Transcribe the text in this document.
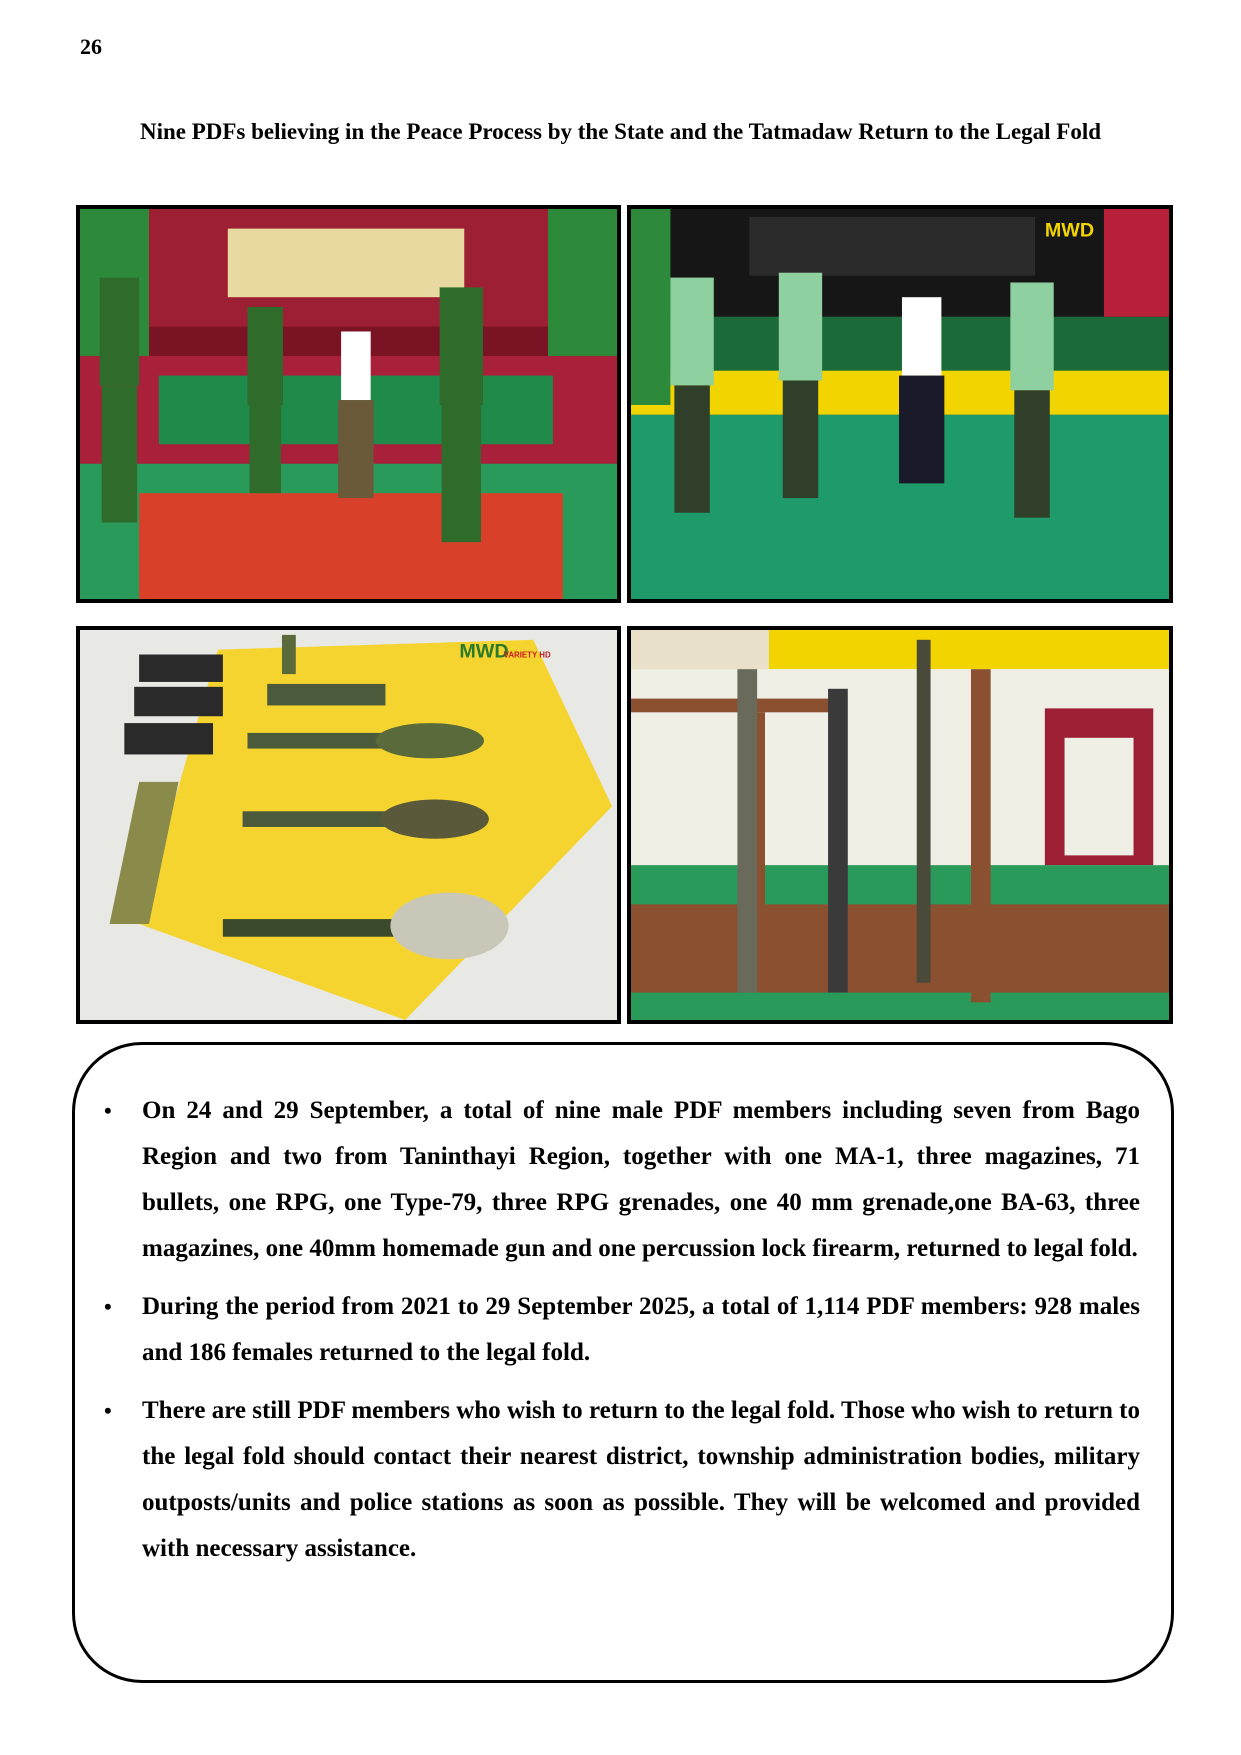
26
Nine PDFs believing in the Peace Process by the State and the Tatmadaw Return to the Legal Fold
MWD
MWD
VARIETY HD
• On 24 and 29 September, a total of nine male PDF members including seven from Bago Region and two from Taninthayi Region, together with one MA-1, three magazines, 71 bullets, one RPG, one Type-79, three RPG grenades, one 40 mm grenade,one BA-63, three magazines, one 40mm homemade gun and one percussion lock firearm, returned to legal fold.
• During the period from 2021 to 29 September 2025, a total of 1,114 PDF members: 928 males and 186 females returned to the legal fold.
• There are still PDF members who wish to return to the legal fold. Those who wish to return to the legal fold should contact their nearest district, township administration bodies, military outposts/units and police stations as soon as possible. They will be welcomed and provided with necessary assistance.
